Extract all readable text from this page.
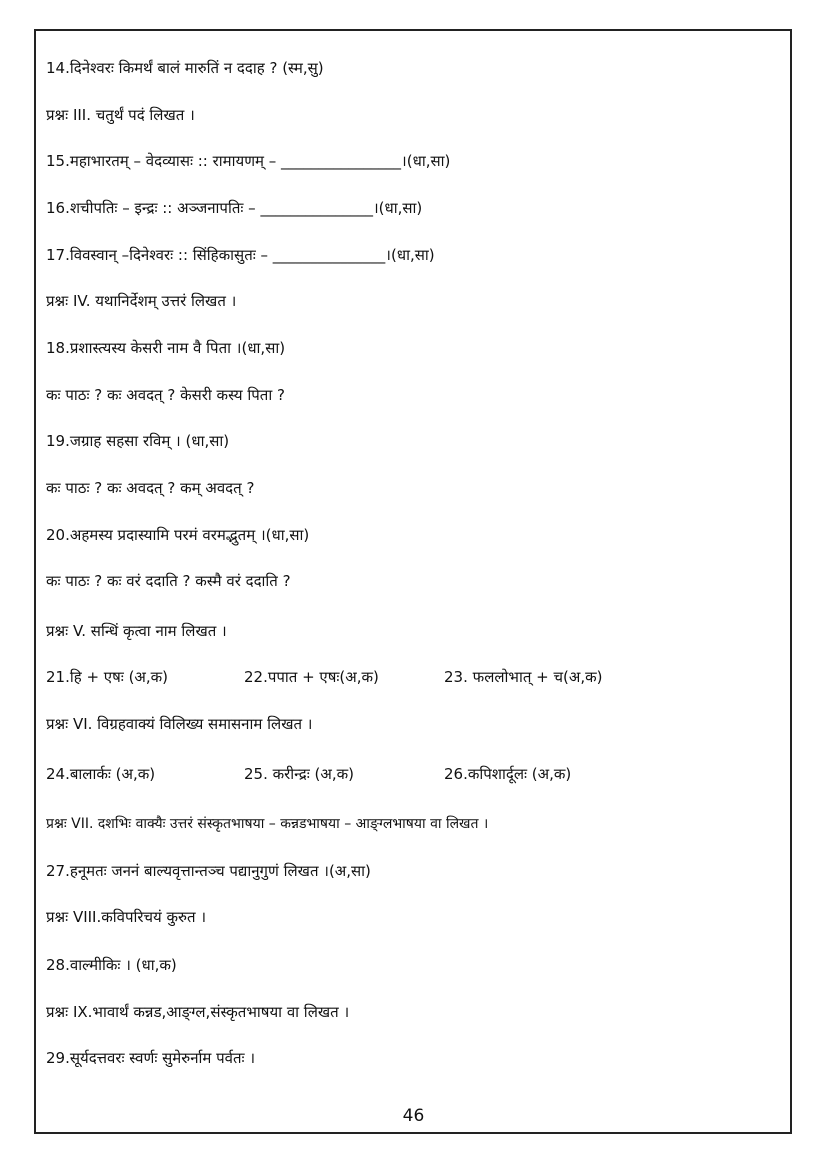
14.दिनेश्वरः किमर्थं बालं मारुतिं न ददाह ? (स्म,सु)
प्रश्नः III. चतुर्थं पदं लिखत ।
15.महाभारतम् – वेदव्यासः :: रामायणम् – ________________।(धा,सा)
16.शचीपतिः – इन्द्रः :: अञ्जनापतिः – _______________।(धा,सा)
17.विवस्वान् –दिनेश्वरः :: सिंहिकासुतः – _______________।(धा,सा)
प्रश्नः IV. यथानिर्देशम् उत्तरं लिखत ।
18.प्रशास्त्यस्य केसरी नाम वै पिता ।(धा,सा)
कः पाठः ? कः अवदत् ? केसरी कस्य पिता ?
19.जग्राह सहसा रविम् । (धा,सा)
कः पाठः ? कः अवदत् ? कम् अवदत् ?
20.अहमस्य प्रदास्यामि परमं वरमद्भुतम् ।(धा,सा)
कः पाठः ? कः वरं ददाति ? कस्मै वरं ददाति ?
प्रश्नः V. सन्धिं कृत्वा नाम लिखत ।
21.हि + एषः (अ,क)	22.पपात + एषः(अ,क)	23. फललोभात् + च(अ,क)
प्रश्नः VI. विग्रहवाक्यं विलिख्य समासनाम लिखत ।
24.बालार्कः (अ,क)	25. करीन्द्रः (अ,क)	26.कपिशार्दूलः (अ,क)
प्रश्नः VII. दशभिः वाक्यैः उत्तरं संस्कृतभाषया – कन्नडभाषया – आङ्ग्लभाषया वा लिखत ।
27.हनूमतः जननं बाल्यवृत्तान्तञ्च पद्यानुगुणं लिखत ।(अ,सा)
प्रश्नः VIII.कविपरिचयं कुरुत ।
28.वाल्मीकिः । (धा,क)
प्रश्नः IX.भावार्थं कन्नड,आङ्ग्ल,संस्कृतभाषया वा लिखत ।
29.सूर्यदत्तवरः स्वर्णः सुमेरुर्नाम पर्वतः ।
46
